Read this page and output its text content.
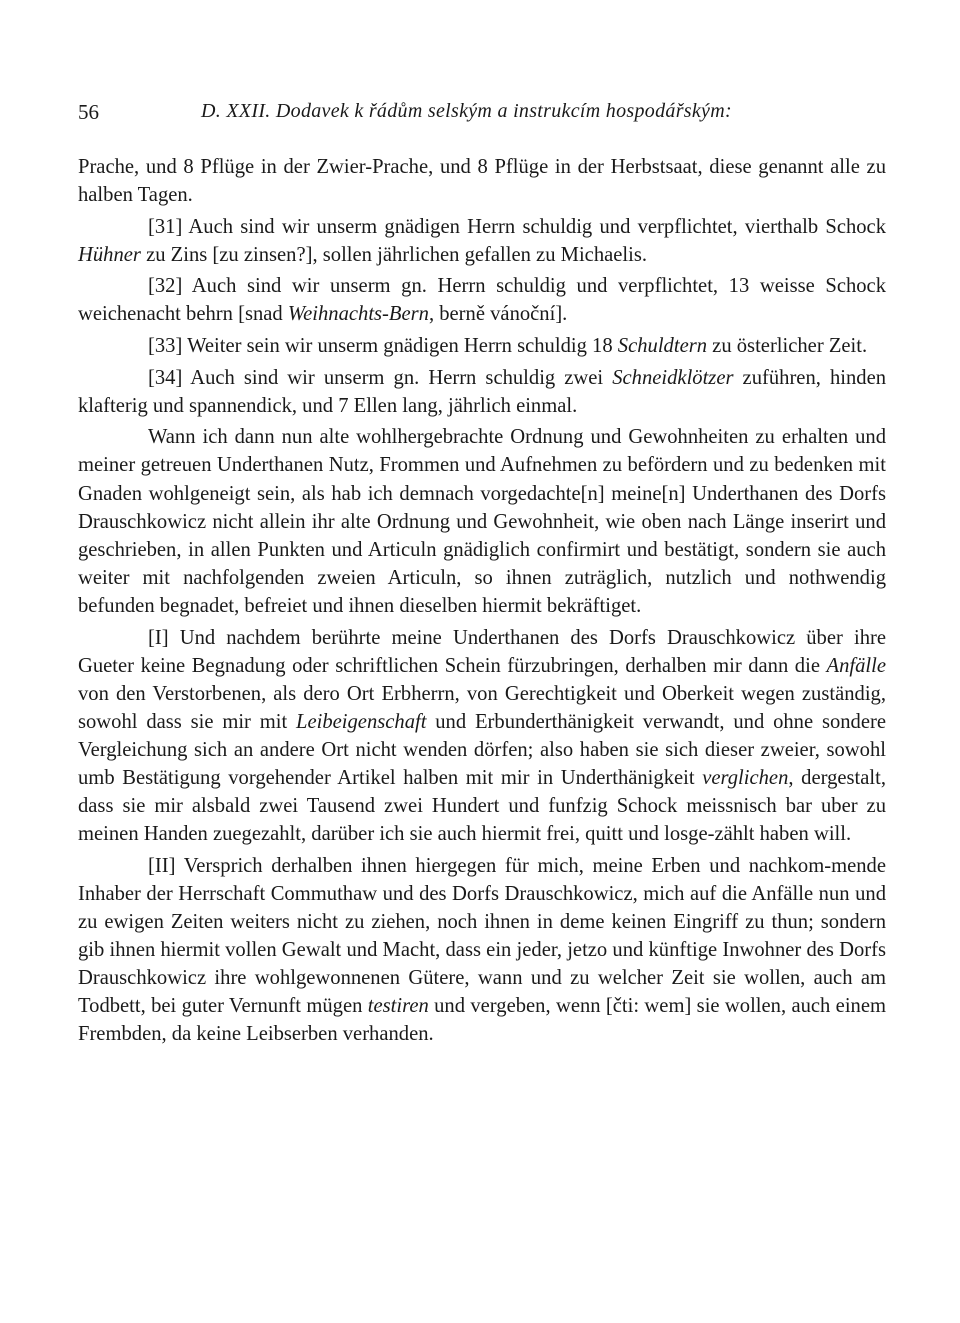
56	D. XXII. Dodavek k řádům selským a instrukcím hospodářským:

Prache, und 8 Pflüge in der Zwier-Prache, und 8 Pflüge in der Herbstsaat, diese genannt alle zu halben Tagen.

[31] Auch sind wir unserm gnädigen Herrn schuldig und verpflichtet, vierthalb Schock Hühner zu Zins [zu zinsen?], sollen jährlichen gefallen zu Michaelis.

[32] Auch sind wir unserm gn. Herrn schuldig und verpflichtet, 13 weisse Schock weichenacht behrn [snad Weihnachts-Bern, berně vánoční].

[33] Weiter sein wir unserm gnädigen Herrn schuldig 18 Schuldtern zu österlicher Zeit.

[34] Auch sind wir unserm gn. Herrn schuldig zwei Schneidklötzer zuführen, hinden klafterig und spannendick, und 7 Ellen lang, jährlich einmal.

Wann ich dann nun alte wohlhergebrachte Ordnung und Gewohnheiten zu erhalten und meiner getreuen Underthanen Nutz, Frommen und Aufnehmen zu befördern und zu bedenken mit Gnaden wohlgeneigt sein, als hab ich demnach vorgedachte[n] meine[n] Underthanen des Dorfs Drauschkowicz nicht allein ihr alte Ordnung und Gewohnheit, wie oben nach Länge inserirt und geschrieben, in allen Punkten und Articuln gnädiglich confirmirt und bestätigt, sondern sie auch weiter mit nachfolgenden zweien Articuln, so ihnen zuträglich, nutzlich und nothwendig befunden begnadet, befreiet und ihnen dieselben hiermit bekräftiget.

[I] Und nachdem berührte meine Underthanen des Dorfs Drauschkowicz über ihre Gueter keine Begnadung oder schriftlichen Schein fürzubringen, derhalben mir dann die Anfälle von den Verstorbenen, als dero Ort Erbherrn, von Gerechtigkeit und Oberkeit wegen zuständig, sowohl dass sie mir mit Leibeigenschaft und Erbunderthänigkeit verwandt, und ohne sondere Vergleichung sich an andere Ort nicht wenden dörfen; also haben sie sich dieser zweier, sowohl umb Bestätigung vorgehender Artikel halben mit mir in Underthänigkeit verglichen, dergestalt, dass sie mir alsbald zwei Tausend zwei Hundert und funfzig Schock meissnisch bar uber zu meinen Handen zuegezahlt, darüber ich sie auch hiermit frei, quitt und losge-zählt haben will.

[II] Versprich derhalben ihnen hiergegen für mich, meine Erben und nachkom-mende Inhaber der Herrschaft Commuthaw und des Dorfs Drauschkowicz, mich auf die Anfälle nun und zu ewigen Zeiten weiters nicht zu ziehen, noch ihnen in deme keinen Eingriff zu thun; sondern gib ihnen hiermit vollen Gewalt und Macht, dass ein jeder, jetzo und künftige Inwohner des Dorfs Drauschkowicz ihre wohlgewonnenen Gütere, wann und zu welcher Zeit sie wollen, auch am Todbett, bei guter Vernunft mügen testiren und vergeben, wenn [čti: wem] sie wollen, auch einem Frembden, da keine Leibserben verhanden.
